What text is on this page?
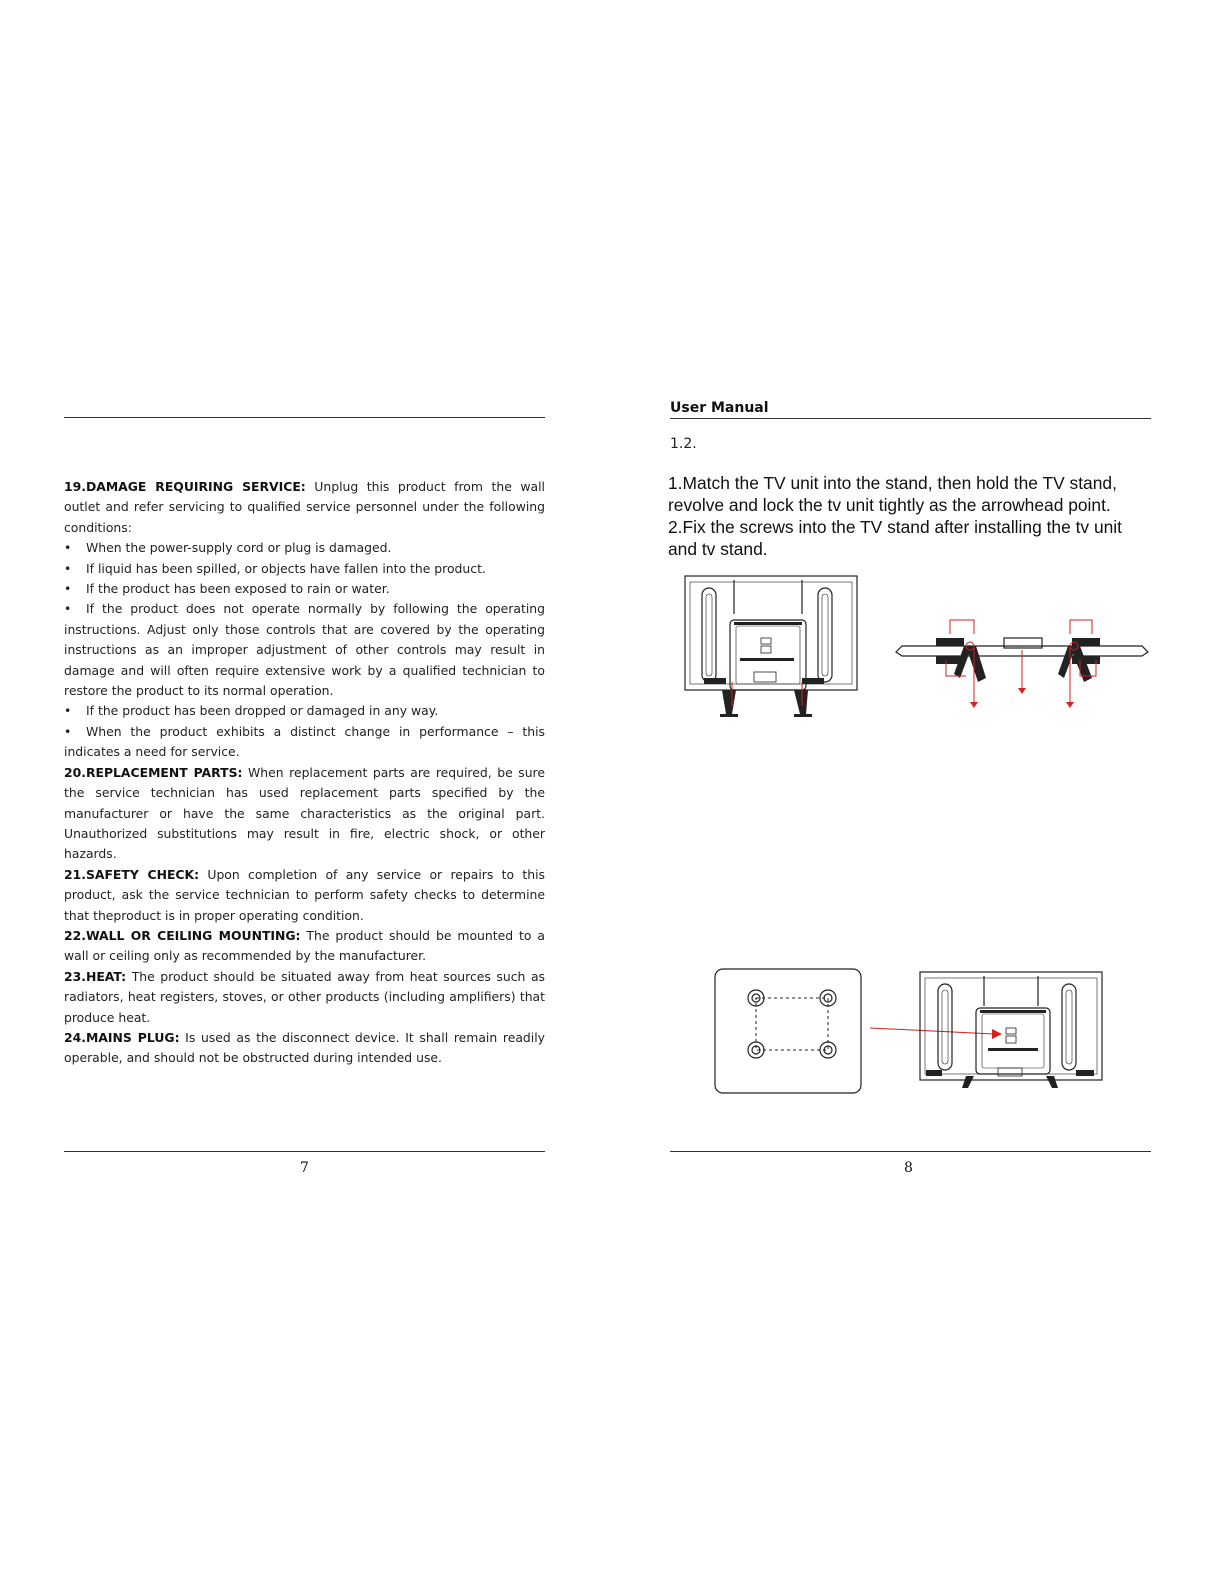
19.DAMAGE REQUIRING SERVICE: Unplug this product from the wall outlet and refer servicing to qualified service personnel under the following conditions:

• When the power-supply cord or plug is damaged.

• If liquid has been spilled, or objects have fallen into the product.

• If the product has been exposed to rain or water.

• If the product does not operate normally by following the operating instructions. Adjust only those controls that are covered by the operating instructions as an improper adjustment of other controls may result in damage and will often require extensive work by a qualified technician to restore the product to its normal operation.

• If the product has been dropped or damaged in any way.

• When the product exhibits a distinct change in performance – this indicates a need for service.

20.REPLACEMENT PARTS: When replacement parts are required, be sure the service technician has used replacement parts specified by the manufacturer or have the same characteristics as the original part. Unauthorized substitutions may result in fire, electric shock, or other hazards.

21.SAFETY CHECK: Upon completion of any service or repairs to this product, ask the service technician to perform safety checks to determine that theproduct is in proper operating condition.

22.WALL OR CEILING MOUNTING: The product should be mounted to a wall or ceiling only as recommended by the manufacturer.

23.HEAT: The product should be situated away from heat sources such as radiators, heat registers, stoves, or other products (including amplifiers) that produce heat.

24.MAINS PLUG: Is used as the disconnect device. It shall remain readily operable, and should not be obstructed during intended use.

7
User Manual
1.2.

1.Match the TV unit into the stand, then hold the TV stand, revolve and lock the tv unit tightly as the arrowhead point.

2.Fix the screws into the TV stand after installing the tv unit and tv stand.

8
